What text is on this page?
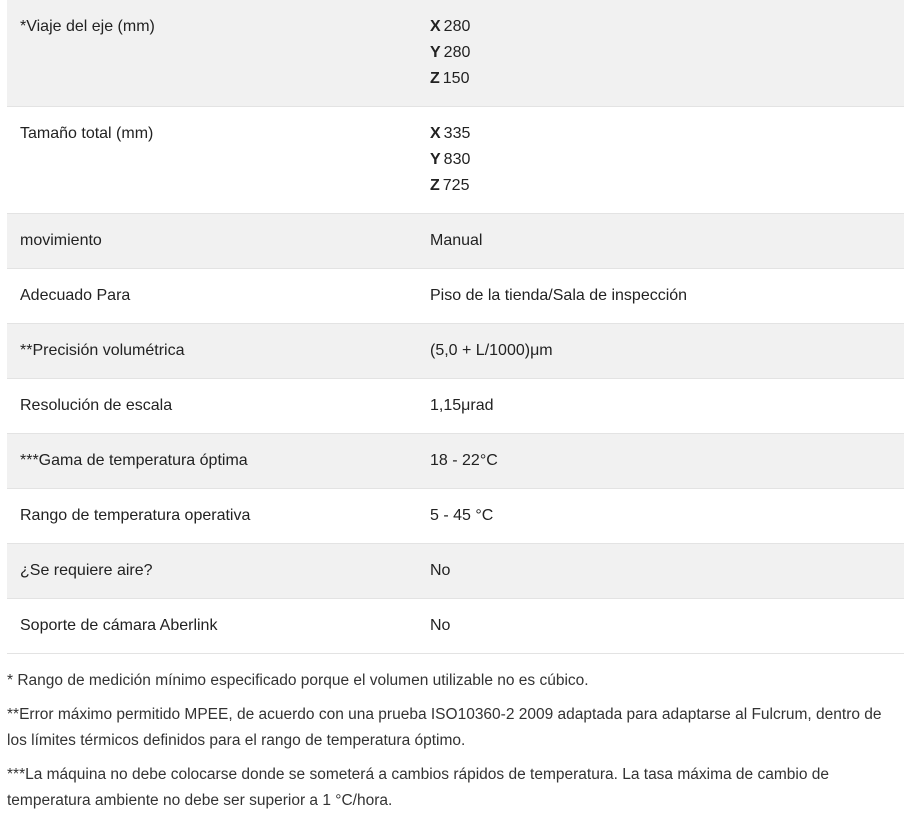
*Viaje del eje (mm)	X 280
Y 280
Z 150
Tamaño total (mm)	X 335
Y 830
Z 725
movimiento	Manual
Adecuado Para	Piso de la tienda/Sala de inspección
**Precisión volumétrica	(5,0 + L/1000)μm
Resolución de escala	1,15μrad
***Gama de temperatura óptima	18 - 22°C
Rango de temperatura operativa	5 - 45 °C
¿Se requiere aire?	No
Soporte de cámara Aberlink	No

* Rango de medición mínimo especificado porque el volumen utilizable no es cúbico.

**Error máximo permitido MPEE, de acuerdo con una prueba ISO10360-2 2009 adaptada para adaptarse al Fulcrum, dentro de los límites térmicos definidos para el rango de temperatura óptimo.

***La máquina no debe colocarse donde se someterá a cambios rápidos de temperatura. La tasa máxima de cambio de temperatura ambiente no debe ser superior a 1 °C/hora.
